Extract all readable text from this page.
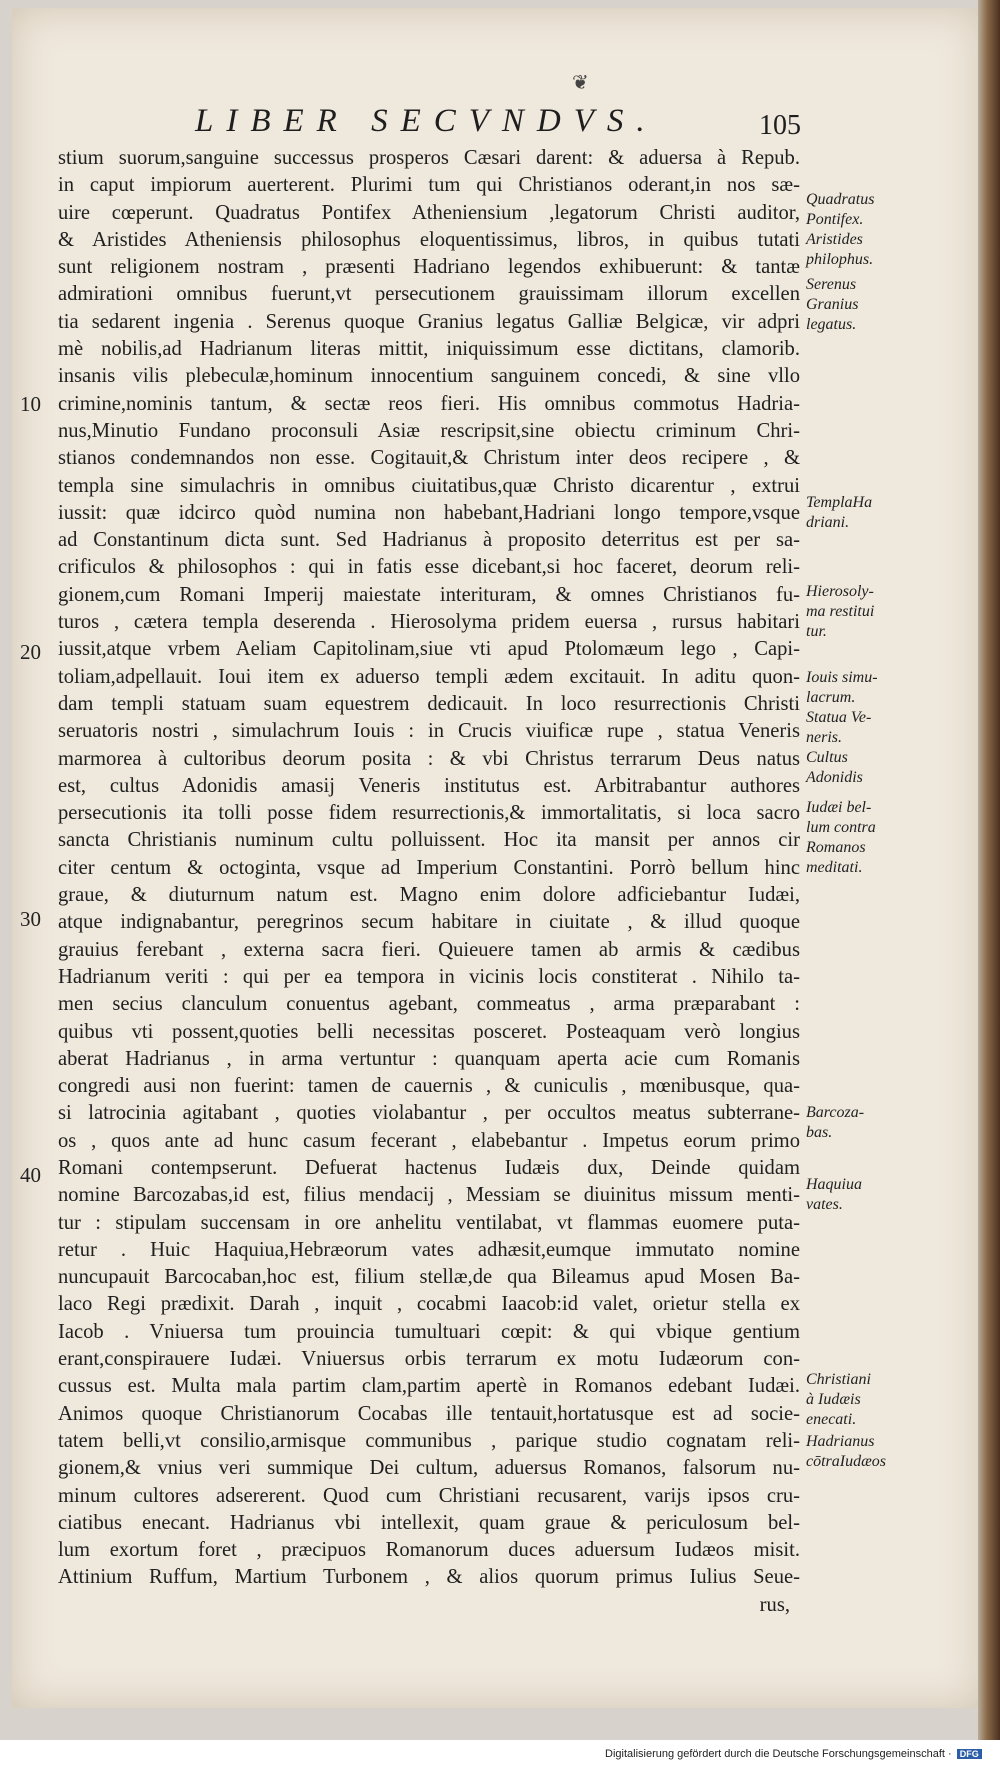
❦
LIBER SECVNDVS.	105
10
20
30
40
stium suorum,sanguine successus prosperos Cæsari darent: & aduersa à Repub.
in caput impiorum auerterent. Plurimi tum qui Christianos oderant,in nos sæ-
uire cœperunt. Quadratus Pontifex Atheniensium ,legatorum Christi auditor,
& Aristides Atheniensis philosophus eloquentissimus, libros, in quibus tutati
sunt religionem nostram , præsenti Hadriano legendos exhibuerunt: & tantæ
admirationi omnibus fuerunt,vt persecutionem grauissimam illorum excellen
tia sedarent ingenia . Serenus quoque Granius legatus Galliæ Belgicæ, vir adpri
mè nobilis,ad Hadrianum literas mittit, iniquissimum esse dictitans, clamorib.
insanis vilis plebeculæ,hominum innocentium sanguinem concedi, & sine vllo
crimine,nominis tantum, & sectæ reos fieri. His omnibus commotus Hadria-
nus,Minutio Fundano proconsuli Asiæ rescripsit,sine obiectu criminum Chri-
stianos condemnandos non esse. Cogitauit,& Christum inter deos recipere , &
templa sine simulachris in omnibus ciuitatibus,quæ Christo dicarentur , extrui
iussit: quæ idcirco quòd numina non habebant,Hadriani longo tempore,vsque
ad Constantinum dicta sunt. Sed Hadrianus à proposito deterritus est per sa-
crificulos & philosophos : qui in fatis esse dicebant,si hoc faceret, deorum reli-
gionem,cum Romani Imperij maiestate interituram, & omnes Christianos fu-
turos , cætera templa deserenda . Hierosolyma pridem euersa , rursus habitari
iussit,atque vrbem Aeliam Capitolinam,siue vti apud Ptolomæum lego , Capi-
toliam,adpellauit. Ioui item ex aduerso templi ædem excitauit. In aditu quon-
dam templi statuam suam equestrem dedicauit. In loco resurrectionis Christi
seruatoris nostri , simulachrum Iouis : in Crucis viuificæ rupe , statua Veneris
marmorea à cultoribus deorum posita : & vbi Christus terrarum Deus natus
est, cultus Adonidis amasij Veneris institutus est. Arbitrabantur authores
persecutionis ita tolli posse fidem resurrectionis,& immortalitatis, si loca sacro
sancta Christianis numinum cultu polluissent. Hoc ita mansit per annos cir
citer centum & octoginta, vsque ad Imperium Constantini. Porrò bellum hinc
graue, & diuturnum natum est. Magno enim dolore adficiebantur Iudæi,
atque indignabantur, peregrinos secum habitare in ciuitate , & illud quoque
grauius ferebant , externa sacra fieri. Quieuere tamen ab armis & cædibus
Hadrianum veriti : qui per ea tempora in vicinis locis constiterat . Nihilo ta-
men secius clanculum conuentus agebant, commeatus , arma præparabant :
quibus vti possent,quoties belli necessitas posceret. Posteaquam verò longius
aberat Hadrianus , in arma vertuntur : quanquam aperta acie cum Romanis
congredi ausi non fuerint: tamen de cauernis , & cuniculis , mœnibusque, qua-
si latrocinia agitabant , quoties violabantur , per occultos meatus subterrane-
os , quos ante ad hunc casum fecerant , elabebantur . Impetus eorum primo
Romani contempserunt. Defuerat hactenus Iudæis dux, Deinde quidam
nomine Barcozabas,id est, filius mendacij , Messiam se diuinitus missum menti-
tur : stipulam succensam in ore anhelitu ventilabat, vt flammas euomere puta-
retur . Huic Haquiua,Hebræorum vates adhæsit,eumque immutato nomine
nuncupauit Barcocaban,hoc est, filium stellæ,de qua Bileamus apud Mosen Ba-
laco Regi prædixit. Darah , inquit , cocabmi Iaacob:id valet, orietur stella ex
Iacob . Vniuersa tum prouincia tumultuari cœpit: & qui vbique gentium
erant,conspirauere Iudæi. Vniuersus orbis terrarum ex motu Iudæorum con-
cussus est. Multa mala partim clam,partim apertè in Romanos edebant Iudæi.
Animos quoque Christianorum Cocabas ille tentauit,hortatusque est ad socie-
tatem belli,vt consilio,armisque communibus , parique studio cognatam reli-
gionem,& vnius veri summique Dei cultum, aduersus Romanos, falsorum nu-
minum cultores adsererent. Quod cum Christiani recusarent, varijs ipsos cru-
ciatibus enecant. Hadrianus vbi intellexit, quam graue & periculosum bel-
lum exortum foret , præcipuos Romanorum duces aduersum Iudæos misit.
Attinium Ruffum, Martium Turbonem , & alios quorum primus Iulius Seue-
rus,
Quadratus
Pontifex.
Aristides
philophus.
Serenus
Granius
legatus.
TemplaHa
driani.
Hierosoly-
ma restitui
tur.
Iouis simu-
lacrum.
Statua Ve-
neris.
Cultus
Adonidis
Iudæi bel-
lum contra
Romanos
meditati.
Barcoza-
bas.
Haquiua
vates.
Christiani
à Iudæis
enecati.
Hadrianus
cōtraIudæos
Digitalisierung gefördert durch die Deutsche Forschungsgemeinschaft · DFG
